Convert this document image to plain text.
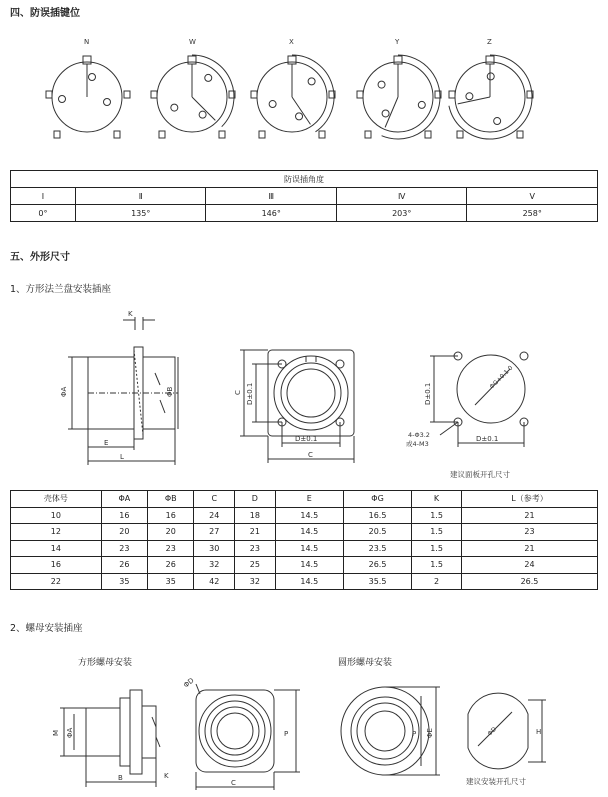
四、防误插键位
N	W	X	Y	Z
防误插角度				
Ⅰ	Ⅱ	Ⅲ	Ⅳ	Ⅴ
0°	135°	146°	203°	258°
五、外形尺寸
1、方形法兰盘安装插座
K
ΦA	ΦB
E
L
C D±0.1
D±0.1
C
D±0.1
ΦG+0.1 0
4-Φ3.2
或4-M3
D±0.1
建议面板开孔尺寸
壳体号	ΦA	ΦB	C	D	E	ΦG	K	L（参考）
10	16	16	24	18	14.5	16.5	1.5	21
12	20	20	27	21	14.5	20.5	1.5	23
14	23	23	30	23	14.5	23.5	1.5	21
16	26	26	32	25	14.5	26.5	1.5	24
22	35	35	42	32	14.5	35.5	2	26.5
2、螺母安装插座
方形螺母安装	圆形螺母安装
M ΦA
B	K
ΦD
P
C
ΦE
P	ΦD	H
建议安装开孔尺寸
